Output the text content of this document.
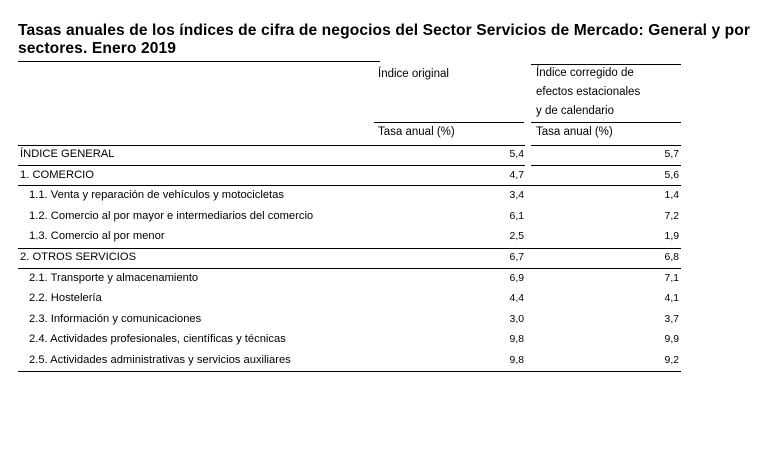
Tasas anuales de los índices de cifra de negocios del Sector Servicios de Mercado: General y por sectores. Enero 2019
Índice original	Índice corregido de
efectos estacionales
y de calendario
Tasa anual (%)	Tasa anual (%)
ÍNDICE GENERAL	5,4	5,7
1. COMERCIO	4,7	5,6
1.1. Venta y reparación de vehículos y motocicletas	3,4	1,4
1.2. Comercio al por mayor e intermediarios del comercio	6,1	7,2
1.3. Comercio al por menor	2,5	1,9
2. OTROS SERVICIOS	6,7	6,8
2.1. Transporte y almacenamiento	6,9	7,1
2.2. Hostelería	4,4	4,1
2.3. Información y comunicaciones	3,0	3,7
2.4. Actividades profesionales, científicas y técnicas	9,8	9,9
2.5. Actividades administrativas y servicios auxiliares	9,8	9,2
